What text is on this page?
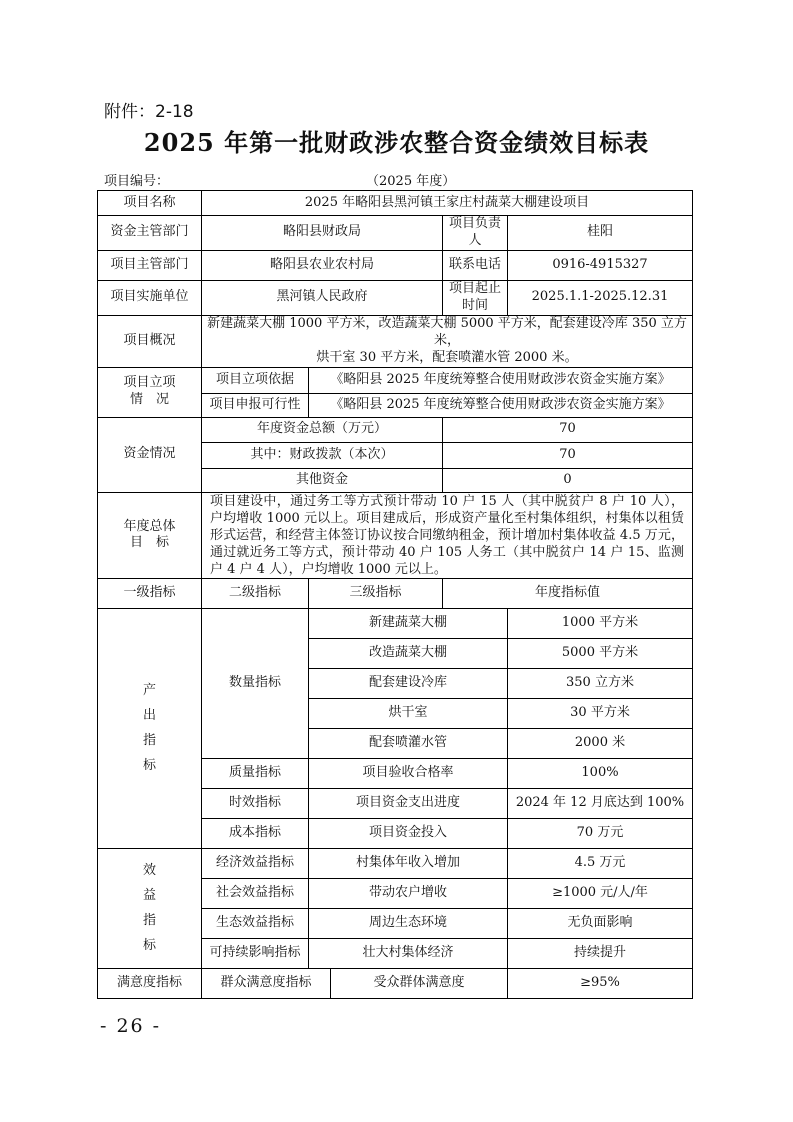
附件：2-18
2025 年第一批财政涉农整合资金绩效目标表
项目编号：	（2025 年度）
项目名称	2025 年略阳县黑河镇王家庄村蔬菜大棚建设项目				
资金主管部门	略阳县财政局			项目负责人	桂阳
项目主管部门	略阳县农业农村局			联系电话	0916-4915327
项目实施单位	黑河镇人民政府			项目起止时间	2025.1.1-2025.12.31
项目概况	新建蔬菜大棚 1000 平方米，改造蔬菜大棚 5000 平方米，配套建设冷库 350 立方米，
烘干室 30 平方米，配套喷灌水管 2000 米。				

项目立项
情　况	项目立项依据	《略阳县 2025 年度统筹整合使用财政涉农资金实施方案》			
	项目申报可行性	《略阳县 2025 年度统筹整合使用财政涉农资金实施方案》			
资金情况	年度资金总额（万元）			70	
	其中：财政拨款（本次）			70	
	其他资金			0	

年度总体
目　标	项目建设中，通过务工等方式预计带动 10 户 15 人（其中脱贫户 8 户 10 人），户均增收 1000 元以上。项目建成后，形成资产量化至村集体组织，村集体以租赁形式运营，和经营主体签订协议按合同缴纳租金，预计增加村集体收益 4.5 万元，通过就近务工等方式，预计带动 40 户 105 人务工（其中脱贫户 14 户 15、监测户 4 户 4 人），户均增收 1000 元以上。				
一级指标	二级指标	三级指标		年度指标值	

产
出
指
标	数量指标	新建蔬菜大棚			1000 平方米
		改造蔬菜大棚			5000 平方米
		配套建设冷库			350 立方米
		烘干室			30 平方米
		配套喷灌水管			2000 米
	质量指标	项目验收合格率			100%
	时效指标	项目资金支出进度			2024 年 12 月底达到 100%
	成本指标	项目资金投入			70 万元

效
益
指
标	经济效益指标	村集体年收入增加			4.5 万元
	社会效益指标	带动农户增收			≥1000 元/人/年
	生态效益指标	周边生态环境			无负面影响
	可持续影响指标	壮大村集体经济			持续提升
满意度指标	群众满意度指标		受众群体满意度		≥95%
- 26 -
